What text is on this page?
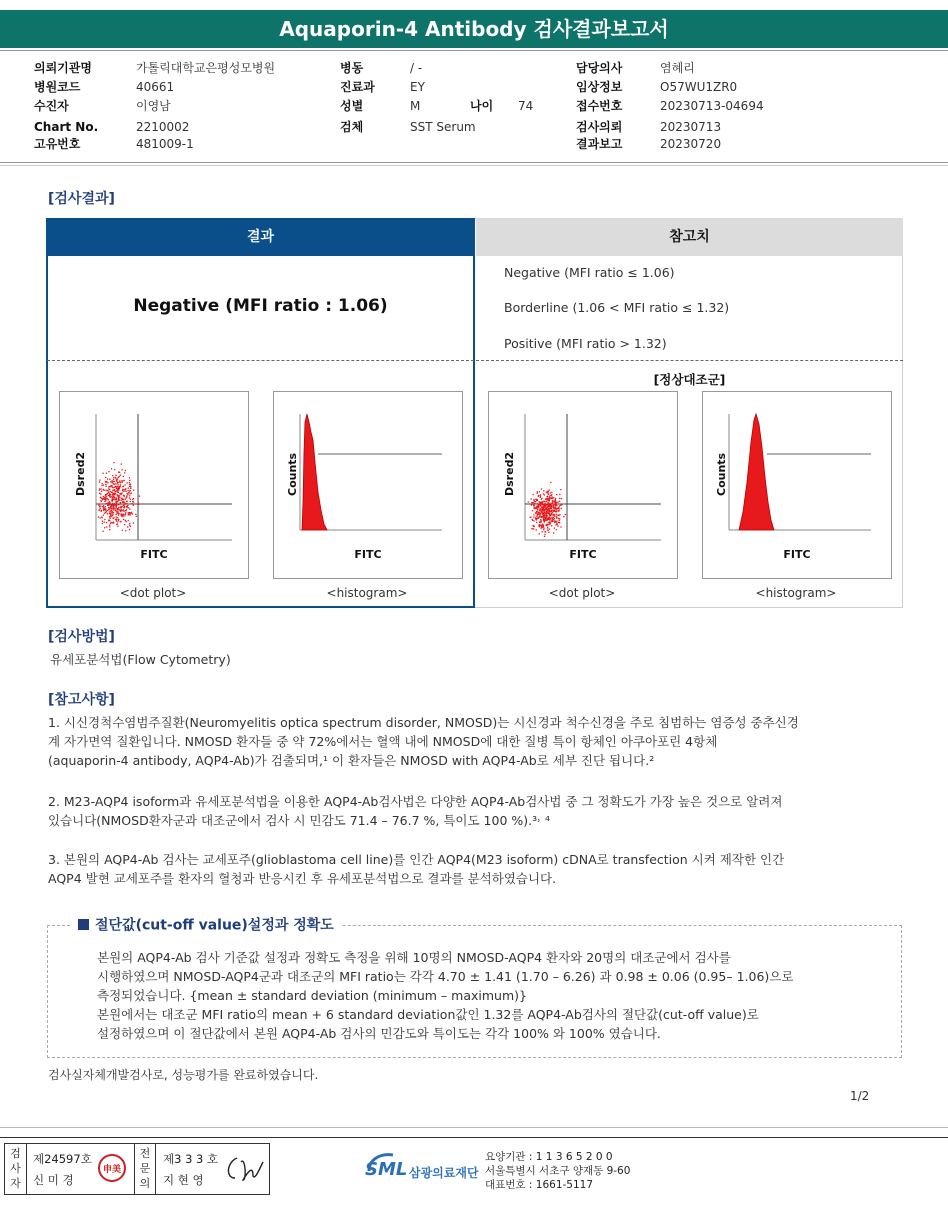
Aquaporin-4 Antibody 검사결과보고서
의뢰기관명	가톨릭대학교은평성모병원
병원코드	40661
수진자	이영남
Chart No.	2210002
고유번호	481009-1
병동	/ -
진료과	EY
성별	M	나이 74
검체	SST Serum
담당의사	염혜리
임상정보	O57WU1ZR0
접수번호	20230713-04694
검사의뢰	20230713
결과보고	20230720
[검사결과]
결과	참고치
Negative (MFI ratio : 1.06)
Negative (MFI ratio ≤ 1.06)
Borderline (1.06 < MFI ratio ≤ 1.32)
Positive (MFI ratio > 1.32)
[정상대조군]
Dsred2
FITC
<dot plot>
Counts
FITC
<histogram>
Dsred2
FITC
<dot plot>
Counts
FITC
<histogram>
[검사방법]
유세포분석법(Flow Cytometry)
[참고사항]
1. 시신경척수염범주질환(Neuromyelitis optica spectrum disorder, NMOSD)는 시신경과 척수신경을 주로 침범하는 염증성 중추신경
계 자가면역 질환입니다. NMOSD 환자들 중 약 72%에서는 혈액 내에 NMOSD에 대한 질병 특이 항체인 아쿠아포린 4항체
(aquaporin-4 antibody, AQP4-Ab)가 검출되며,¹ 이 환자들은 NMOSD with AQP4-Ab로 세부 진단 됩니다.²
2. M23-AQP4 isoform과 유세포분석법을 이용한 AQP4-Ab검사법은 다양한 AQP4-Ab검사법 중 그 정확도가 가장 높은 것으로 알려져
있습니다(NMOSD환자군과 대조군에서 검사 시 민감도 71.4 – 76.7 %, 특이도 100 %).³˒ ⁴
3. 본원의 AQP4-Ab 검사는 교세포주(glioblastoma cell line)를 인간 AQP4(M23 isoform) cDNA로 transfection 시켜 제작한 인간
AQP4 발현 교세포주를 환자의 혈청과 반응시킨 후 유세포분석법으로 결과를 분석하였습니다.
절단값(cut-off value)설정과 정확도
본원의 AQP4-Ab 검사 기준값 설정과 정확도 측정을 위해 10명의 NMOSD-AQP4 환자와 20명의 대조군에서 검사를
시행하였으며 NMOSD-AQP4군과 대조군의 MFI ratio는 각각 4.70 ± 1.41 (1.70 – 6.26) 과 0.98 ± 0.06 (0.95– 1.06)으로
측정되었습니다. {mean ± standard deviation (minimum – maximum)}
본원에서는 대조군 MFI ratio의 mean + 6 standard deviation값인 1.32를 AQP4-Ab검사의 절단값(cut-off value)로
설정하였으며 이 절단값에서 본원 AQP4-Ab 검사의 민감도와 특이도는 각각 100% 와 100% 였습니다.
검사실자체개발검사로, 성능평가를 완료하였습니다.
1/2
검사자
제24597호
신 미 경
申美
전문의
제3 3 3 호
지 현 영	SML 삼광의료재단
요양기관 : 1 1 3 6 5 2 0 0
서울특별시 서초구 양재동 9-60
대표번호 : 1661-5117
